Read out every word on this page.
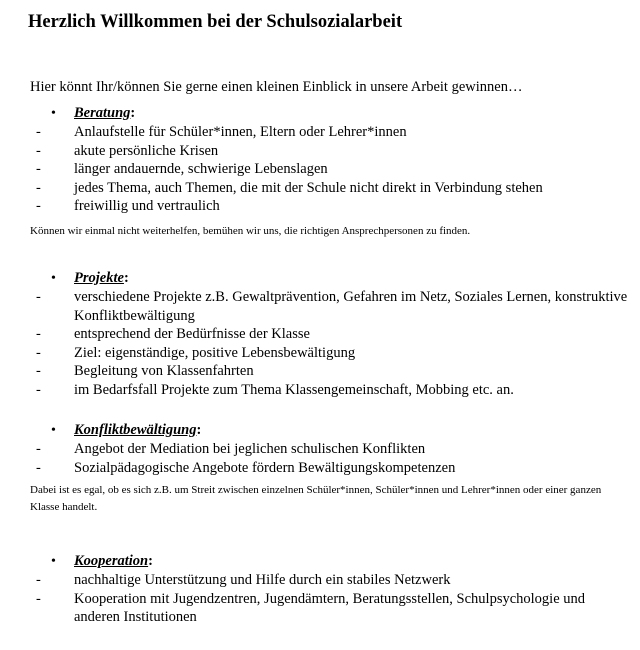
Herzlich Willkommen bei der Schulsozialarbeit

Hier könnt Ihr/können Sie gerne einen kleinen Einblick in unsere Arbeit gewinnen…

• Beratung:
- Anlaufstelle für Schüler*innen, Eltern oder Lehrer*innen
- akute persönliche Krisen
- länger andauernde, schwierige Lebenslagen
- jedes Thema, auch Themen, die mit der Schule nicht direkt in Verbindung stehen
- freiwillig und vertraulich

Können wir einmal nicht weiterhelfen, bemühen wir uns, die richtigen Ansprechpersonen zu finden.

• Projekte:
- verschiedene Projekte z.B. Gewaltprävention, Gefahren im Netz, Soziales Lernen, konstruktive Konfliktbewältigung
- entsprechend der Bedürfnisse der Klasse
- Ziel: eigenständige, positive Lebensbewältigung
- Begleitung von Klassenfahrten
- im Bedarfsfall Projekte zum Thema Klassengemeinschaft, Mobbing etc. an.
• Konfliktbewältigung:
- Angebot der Mediation bei jeglichen schulischen Konflikten
- Sozialpädagogische Angebote fördern Bewältigungskompetenzen

Dabei ist es egal, ob es sich z.B. um Streit zwischen einzelnen Schüler*innen, Schüler*innen und Lehrer*innen oder einer ganzen Klasse handelt.

• Kooperation:
- nachhaltige Unterstützung und Hilfe durch ein stabiles Netzwerk
- Kooperation mit Jugendzentren, Jugendämtern, Beratungsstellen, Schulpsychologie und anderen Institutionen
